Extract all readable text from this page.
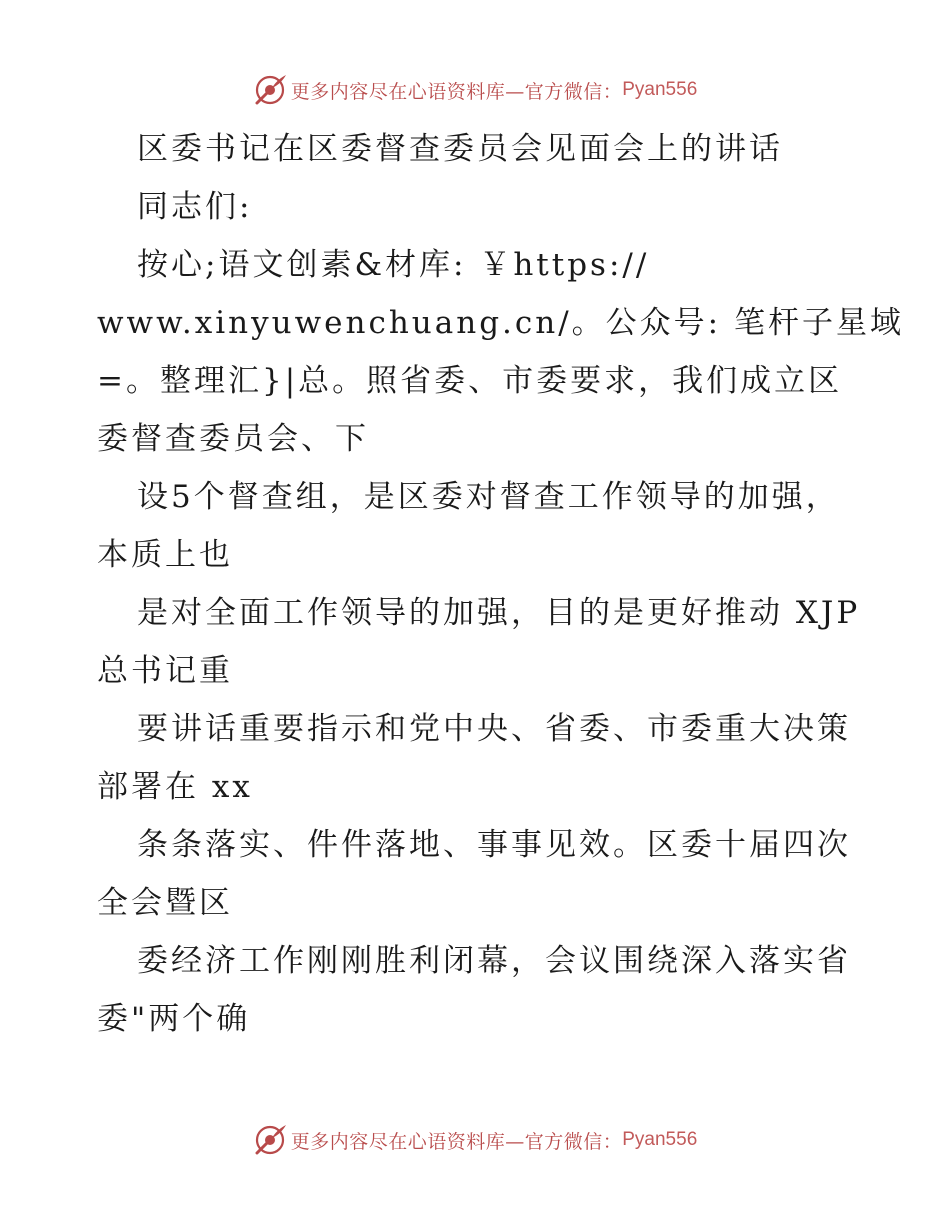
更多内容尽在心语资料库—官方微信： Pyan556
区委书记在区委督查委员会见面会上的讲话
同志们:
按心;语文创素&材库: ￥https://
www.xinyuwenchuang.cn/。公众号: 笔杆子星域
=。整理汇}|总。照省委、市委要求，我们成立区
委督查委员会、下
设5个督查组，是区委对督查工作领导的加强，
本质上也
是对全面工作领导的加强，目的是更好推动 XJP
总书记重
要讲话重要指示和党中央、省委、市委重大决策
部署在 xx
条条落实、件件落地、事事见效。区委十届四次
全会暨区
委经济工作刚刚胜利闭幕，会议围绕深入落实省
委"两个确
更多内容尽在心语资料库—官方微信： Pyan556
